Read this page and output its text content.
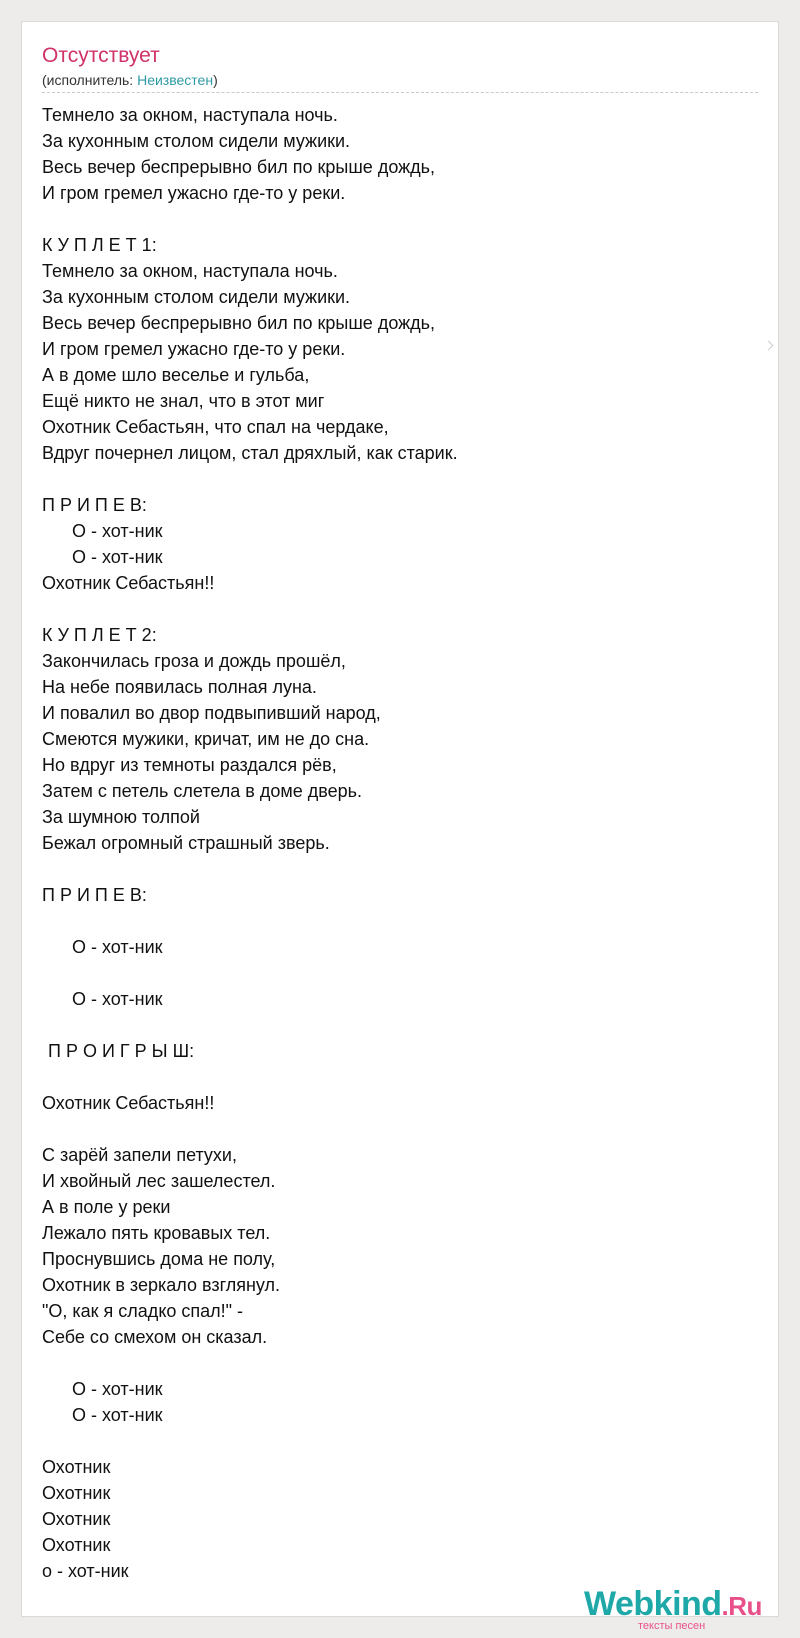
Отсутствует
(исполнитель: Неизвестен)
Темнело за окном, наступала ночь.
За кухонным столом сидели мужики.
Весь вечер беспрерывно бил по крыше дождь,
И гром гремел ужасно где-то у реки.
К У П Л Е Т 1:
Темнело за окном, наступала ночь.
За кухонным столом сидели мужики.
Весь вечер беспрерывно бил по крыше дождь,
И гром гремел ужасно где-то у реки.
А в доме шло веселье и гульба,
Ещё никто не знал, что в этот миг
Охотник Себастьян, что спал на чердаке,
Вдруг почернел лицом, стал дряхлый, как старик.
П Р И П Е В:
О - хот-ник
О - хот-ник
Охотник Себастьян!!
К У П Л Е Т 2:
Закончилась гроза и дождь прошёл,
На небе появилась полная луна.
И повалил во двор подвыпивший народ,
Смеются мужики, кричат, им не до сна.
Но вдруг из темноты раздался рёв,
Затем с петель слетела в доме дверь.
За шумною толпой
Бежал огромный страшный зверь.
П Р И П Е В:
О - хот-ник
О - хот-ник
П Р О И Г Р Ы Ш:
Охотник Себастьян!!
С зарёй запели петухи,
И хвойный лес зашелестел.
А в поле у реки
Лежало пять кровавых тел.
Проснувшись дома не полу,
Охотник в зеркало взглянул.
"О, как я сладко спал!" -
Себе со смехом он сказал.
О - хот-ник
О - хот-ник
Охотник
Охотник
Охотник
Охотник
о - хот-ник
Webkind.Ru
тексты песен
